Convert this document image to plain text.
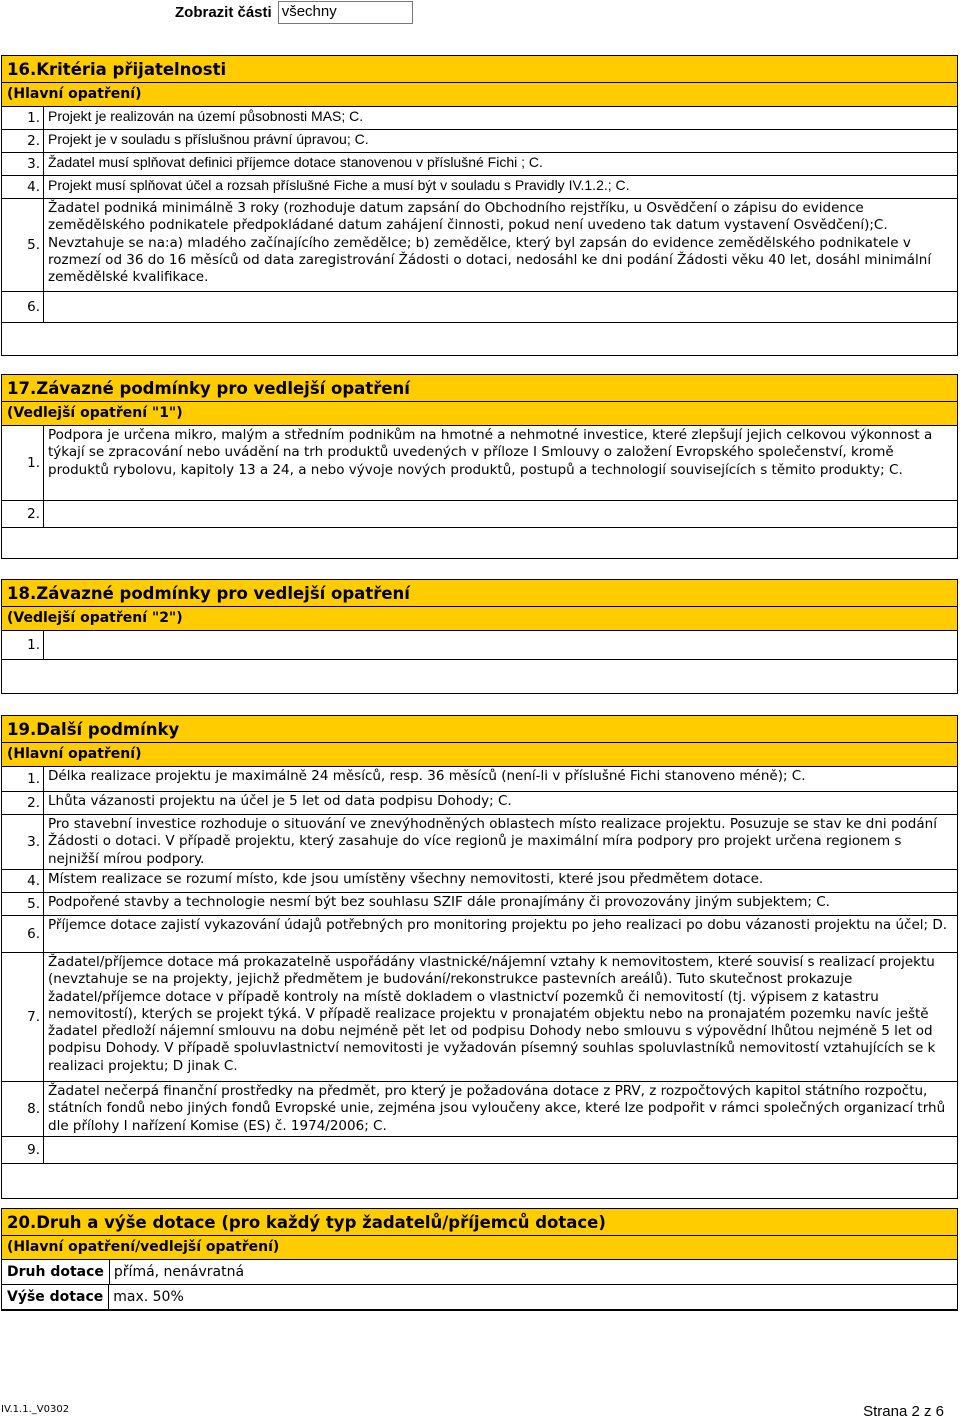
Zobrazit části všechny
16.Kritéria přijatelnosti
(Hlavní opatření)
1. Projekt je realizován na území působnosti MAS; C.
2. Projekt je v souladu s příslušnou právní úpravou; C.
3. Žadatel musí splňovat definici příjemce dotace stanovenou v příslušné Fichi ; C.
4. Projekt musí splňovat účel a rozsah příslušné Fiche a musí být v souladu s Pravidly IV.1.2.; C.
5.
Žadatel podniká minimálně 3 roky (rozhoduje datum zapsání do Obchodního rejstříku, u Osvědčení o zápisu do evidence zemědělského podnikatele předpokládané datum zahájení činnosti, pokud není uvedeno tak datum vystavení Osvědčení);C. Nevztahuje se na:a) mladého začínajícího zemědělce; b) zemědělce, který byl zapsán do evidence zemědělského podnikatele v rozmezí od 36 do 16 měsíců od data zaregistrování Žádosti o dotaci, nedosáhl ke dni podání Žádosti věku 40 let, dosáhl minimální zemědělské kvalifikace.
6.
17.Závazné podmínky pro vedlejší opatření
(Vedlejší opatření "1")
1.
Podpora je určena mikro, malým a středním podnikům na hmotné a nehmotné investice, které zlepšují jejich celkovou výkonnost a týkají se zpracování nebo uvádění na trh produktů uvedených v příloze I Smlouvy o založení Evropského společenství, kromě produktů rybolovu, kapitoly 13 a 24, a nebo vývoje nových produktů, postupů a technologií souvisejících s těmito produkty; C.
2.
18.Závazné podmínky pro vedlejší opatření
(Vedlejší opatření "2")
1.
19.Další podmínky
(Hlavní opatření)
1. Délka realizace projektu je maximálně 24 měsíců, resp. 36 měsíců (není-li v příslušné Fichi stanoveno méně); C.
2. Lhůta vázanosti projektu na účel je 5 let od data podpisu Dohody; C.
3.
Pro stavební investice rozhoduje o situování ve znevýhodněných oblastech místo realizace projektu. Posuzuje se stav ke dni podání Žádosti o dotaci. V případě projektu, který zasahuje do více regionů je maximální míra podpory pro projekt určena regionem s nejnižší mírou podpory.
4. Místem realizace se rozumí místo, kde jsou umístěny všechny nemovitosti, které jsou předmětem dotace.
5. Podpořené stavby a technologie nesmí být bez souhlasu SZIF dále pronajímány či provozovány jiným subjektem; C.
6.
Příjemce dotace zajistí vykazování údajů potřebných pro monitoring projektu po jeho realizaci po dobu vázanosti projektu na účel; D.
7.
Žadatel/příjemce dotace má prokazatelně uspořádány vlastnické/nájemní vztahy k nemovitostem, které souvisí s realizací projektu (nevztahuje se na projekty, jejichž předmětem je budování/rekonstrukce pastevních areálů). Tuto skutečnost prokazuje žadatel/příjemce dotace v případě kontroly na místě dokladem o vlastnictví pozemků či nemovitostí (tj. výpisem z katastru nemovitostí), kterých se projekt týká. V případě realizace projektu v pronajatém objektu nebo na pronajatém pozemku navíc ještě žadatel předloží nájemní smlouvu na dobu nejméně pět let od podpisu Dohody nebo smlouvu s výpovědní lhůtou nejméně 5 let od podpisu Dohody. V případě spoluvlastnictví nemovitosti je vyžadován písemný souhlas spoluvlastníků nemovitostí vztahujících se k realizaci projektu; D jinak C.
8.
Žadatel nečerpá finanční prostředky na předmět, pro který je požadována dotace z PRV, z rozpočtových kapitol státního rozpočtu, státních fondů nebo jiných fondů Evropské unie, zejména jsou vyloučeny akce, které lze podpořit v rámci společných organizací trhů dle přílohy I nařízení Komise (ES) č. 1974/2006; C.
9.
20.Druh a výše dotace (pro každý typ žadatelů/příjemců dotace)
(Hlavní opatření/vedlejší opatření)
Druh dotace přímá, nenávratná
Výše dotace max. 50%
IV.1.1._V0302	Strana 2 z 6
